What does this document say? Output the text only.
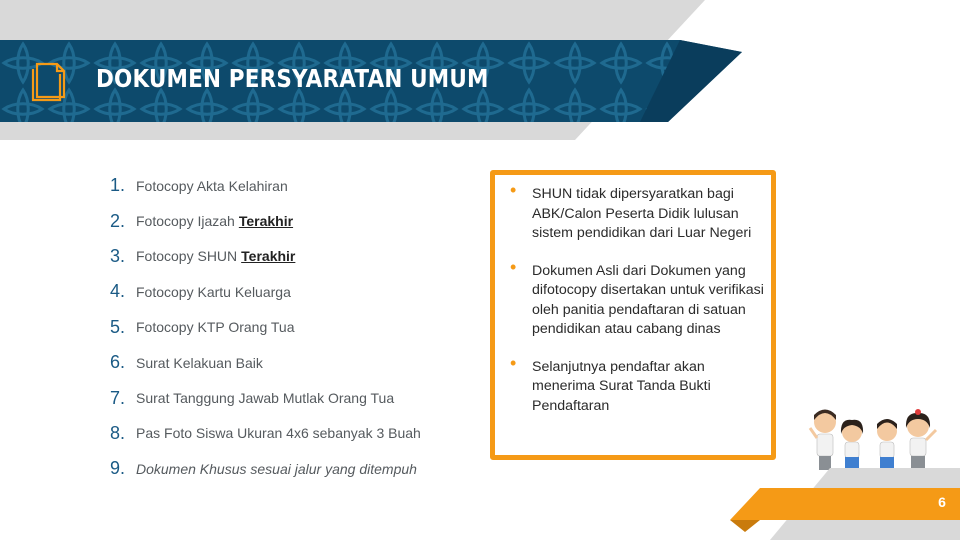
DOKUMEN PERSYARATAN UMUM
1. Fotocopy Akta Kelahiran
2. Fotocopy Ijazah Terakhir
3. Fotocopy SHUN Terakhir
4. Fotocopy Kartu Keluarga
5. Fotocopy KTP Orang Tua
6. Surat Kelakuan Baik
7. Surat Tanggung Jawab Mutlak Orang Tua
8. Pas Foto Siswa Ukuran 4x6 sebanyak 3 Buah
9. Dokumen Khusus sesuai jalur yang ditempuh
• SHUN tidak dipersyaratkan bagi ABK/Calon Peserta Didik lulusan sistem pendidikan dari Luar Negeri
• Dokumen Asli dari Dokumen yang difotocopy disertakan untuk verifikasi oleh panitia pendaftaran di satuan pendidikan atau cabang dinas
• Selanjutnya pendaftar akan menerima Surat Tanda Bukti Pendaftaran
6
